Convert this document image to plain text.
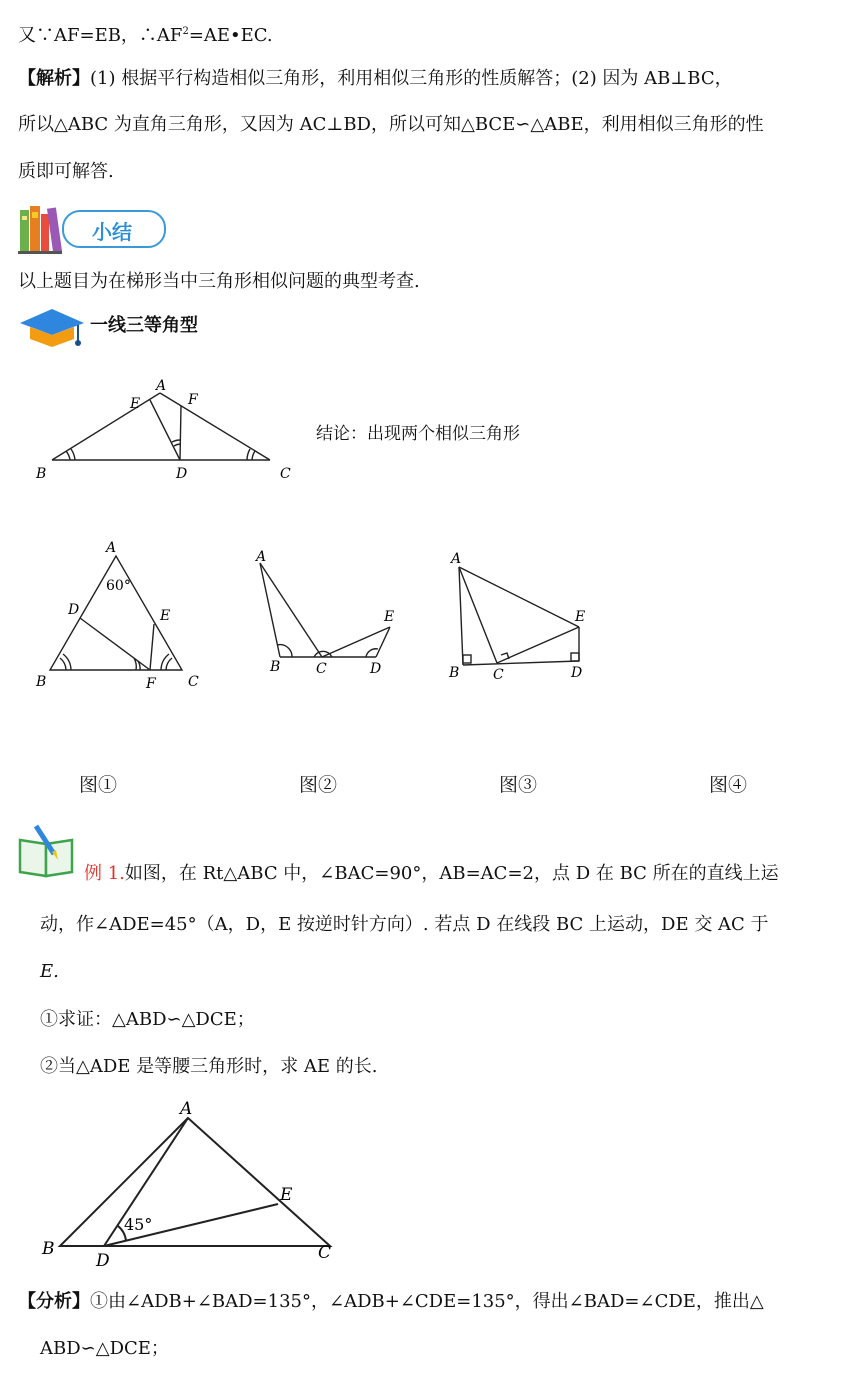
又∵AF=EB，$\therefore AF^2=AE•EC$.
【解析】(1) 根据平行构造相似三角形，利用相似三角形的性质解答；(2) 因为 AB⊥BC，
所以△ABC 为直角三角形，又因为 AC⊥BD，所以可知△BCE∽△ABE，利用相似三角形的性
质即可解答.
小结
以上题目为在梯形当中三角形相似问题的典型考查.
一线三等角型
A
E	F
B	D	C
结论：出现两个相似三角形
A
60°
D	E
B	F C
A
E
B	C	D
A
E
B C	D
图①	图②	图③	图④
例 1.如图，在 Rt△ABC 中，∠BAC=90°，AB=AC=2，点 D 在 BC 所在的直线上运
动，作∠ADE=45°（A，D，E 按逆时针方向）. 若点 D 在线段 BC 上运动，DE 交 AC 于
E.
①求证：△ABD∽△DCE；
②当△ADE 是等腰三角形时，求 AE 的长.
A
E
45°
B
D	C
【分析】①由∠ADB+∠BAD=135°，∠ADB+∠CDE=135°，得出∠BAD=∠CDE，推出△
ABD∽△DCE；
